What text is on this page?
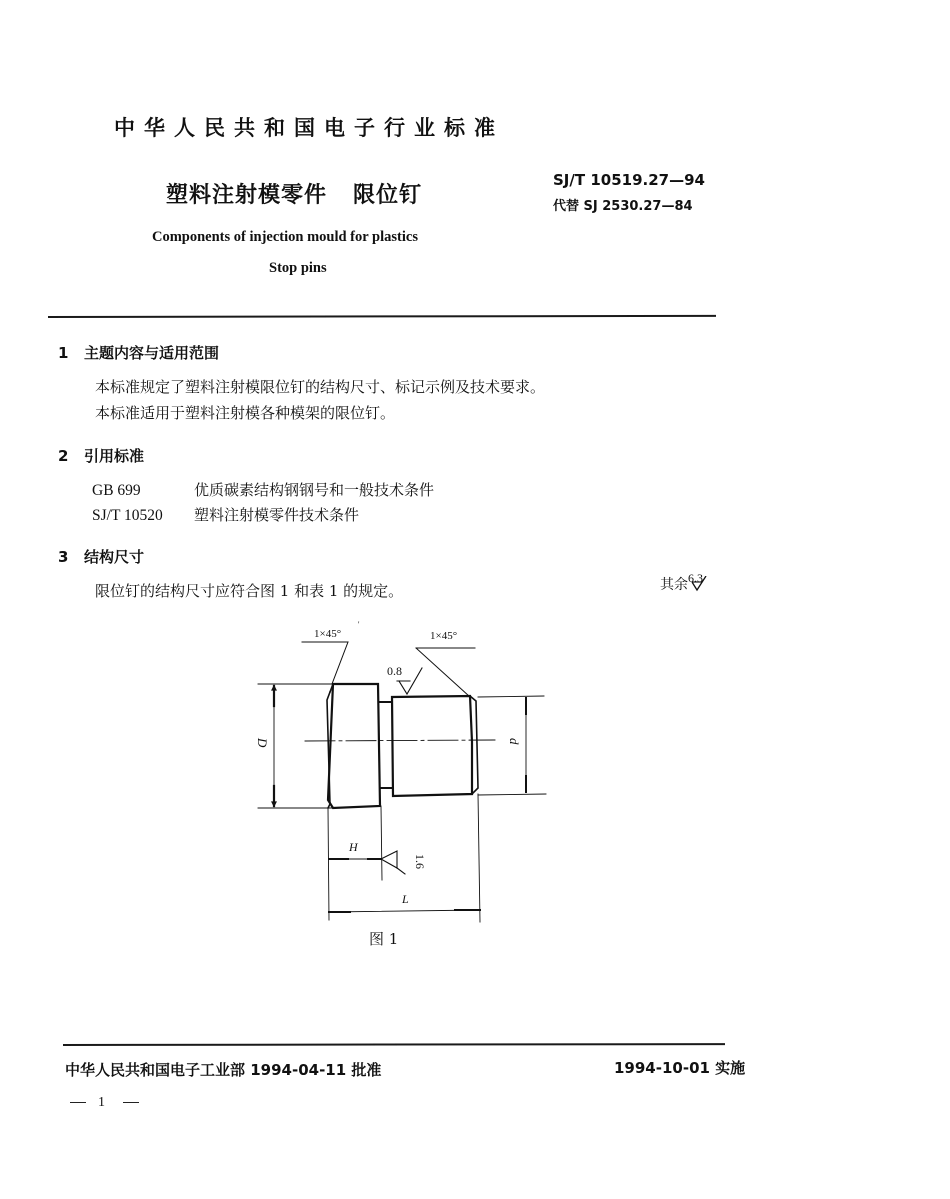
中华人民共和国电子行业标准
塑料注射模零件 限位钉
SJ/T 10519.27—94
代替 SJ 2530.27—84
Components of injection mould for plastics
Stop pins
1 主题内容与适用范围
本标准规定了塑料注射模限位钉的结构尺寸、标记示例及技术要求。
本标准适用于塑料注射模各种模架的限位钉。
2 引用标准
GB 699	优质碳素结构钢钢号和一般技术条件
SJ/T 10520 塑料注射模零件技术条件
3 结构尺寸
限位钉的结构尺寸应符合图 1 和表 1 的规定。	其余6.3
1×45°
'
1×45°
0.8
D	d
H
1.6
L
图 1
中华人民共和国电子工业部 1994-04-11 批准	1994-10-01 实施
1
